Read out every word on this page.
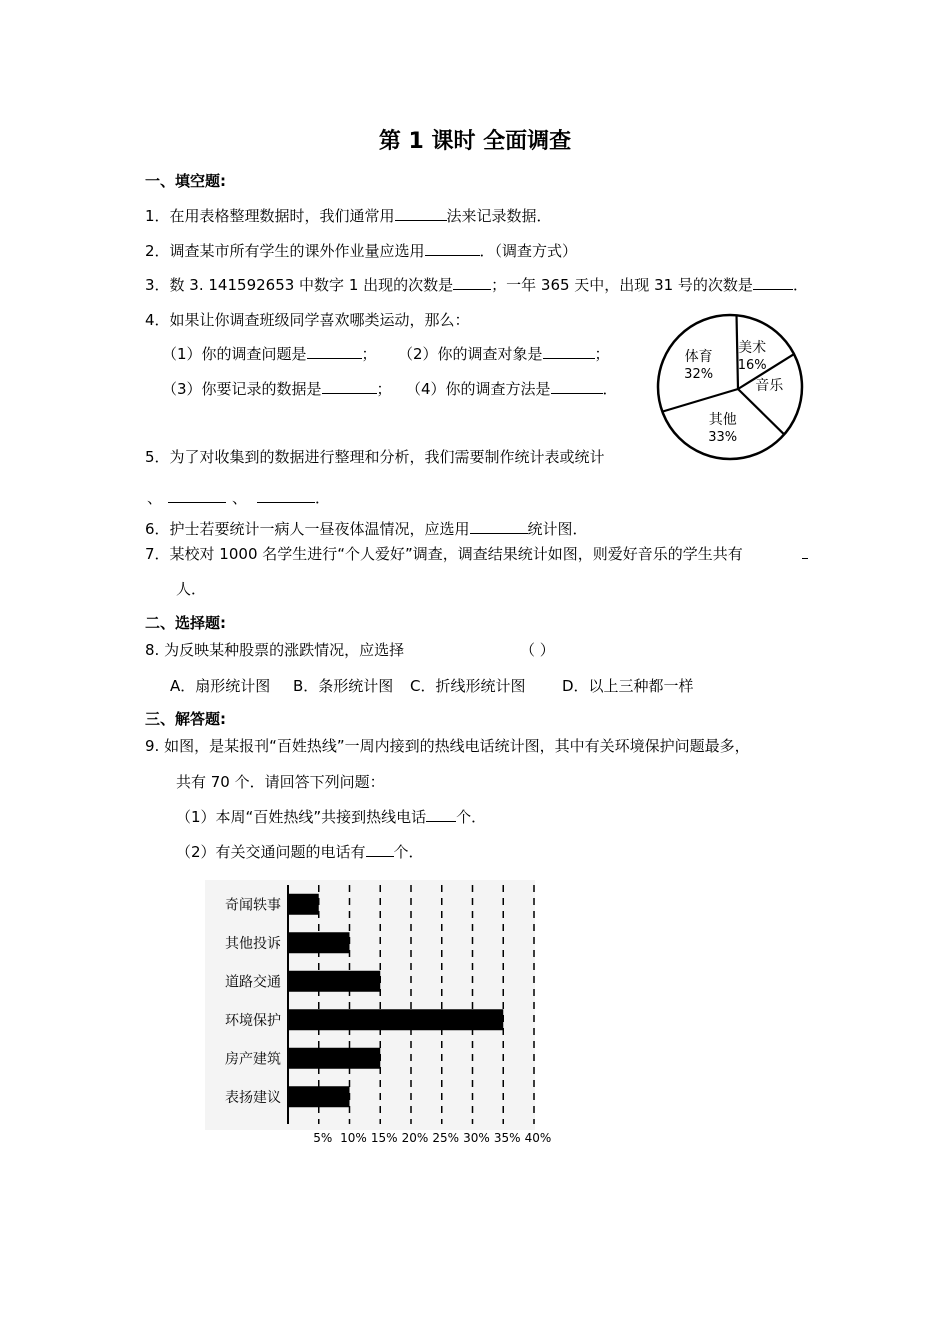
第 1 课时 全面调查
一、填空题:
1．在用表格整理数据时，我们通常用	法来记录数据．
2．调查某市所有学生的课外作业量应选用	．（调查方式）
3．数 3. 141592653 中数字 1 出现的次数是	；一年 365 天中，出现 31 号的次数是	．
4．如果让你调查班级同学喜欢哪类运动，那么：
（1）你的调查问题是	； （2）你的调查对象是	；
（3）你要记录的数据是	； （4）你的调查方法是	．
体育
32%
美术
16%
音乐
其他
33%
5．为了对收集到的数据进行整理和分析，我们需要制作统计表或统计
、	、	．
6．护士若要统计一病人一昼夜体温情况，应选用	统计图．
7．某校对 1000 名学生进行“个人爱好”调查，调查结果统计如图，则爱好音乐的学生共有
人．
二、选择题:
8. 为反映某种股票的涨跌情况，应选择	（ ）
A．扇形统计图 B．条形统计图 C．折线形统计图 D．以上三种都一样
三、解答题:
9. 如图，是某报刊“百姓热线”一周内接到的热线电话统计图，其中有关环境保护问题最多，
共有 70 个．请回答下列问题：
（1）本周“百姓热线”共接到热线电话 个．
（2）有关交通问题的电话有 个．
5% 10% 15% 20% 25% 30% 35% 40%
奇闻轶事
其他投诉
道路交通
环境保护
房产建筑
表扬建议
